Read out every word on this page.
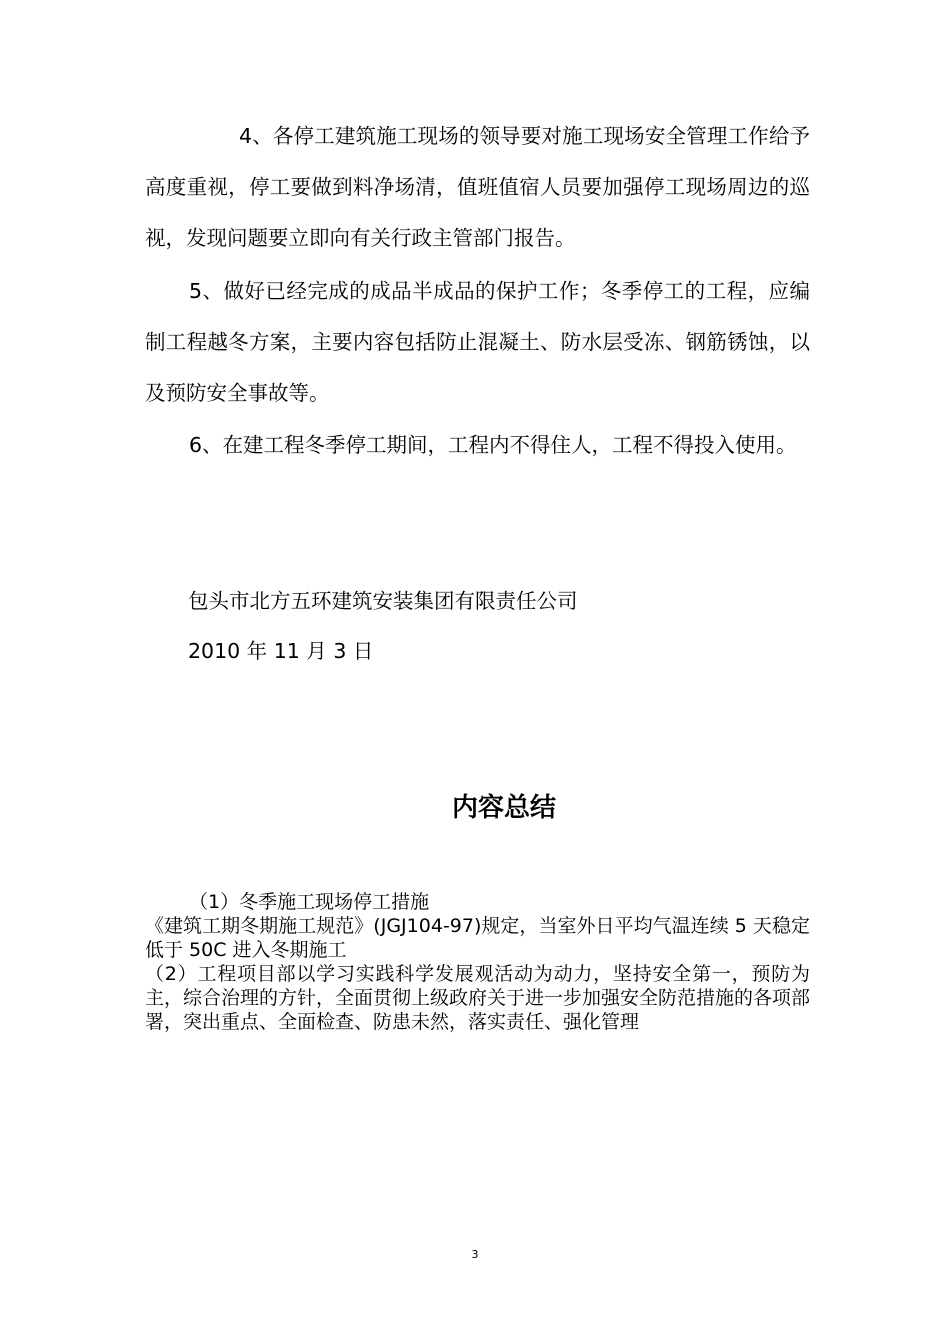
4、各停工建筑施工现场的领导要对施工现场安全管理工作给予高度重视，停工要做到料净场清，值班值宿人员要加强停工现场周边的巡视，发现问题要立即向有关行政主管部门报告。

5、做好已经完成的成品半成品的保护工作；冬季停工的工程，应编制工程越冬方案，主要内容包括防止混凝土、防水层受冻、钢筋锈蚀，以及预防安全事故等。

6、在建工程冬季停工期间，工程内不得住人，工程不得投入使用。

包头市北方五环建筑安装集团有限责任公司

2010 年 11 月 3 日

内容总结

（1）冬季施工现场停工措施

《建筑工期冬期施工规范》(JGJ104-97)规定，当室外日平均气温连续 5 天稳定低于 50C 进入冬期施工

（2）工程项目部以学习实践科学发展观活动为动力，坚持安全第一，预防为主，综合治理的方针，全面贯彻上级政府关于进一步加强安全防范措施的各项部署，突出重点、全面检查、防患未然，落实责任、强化管理

3
